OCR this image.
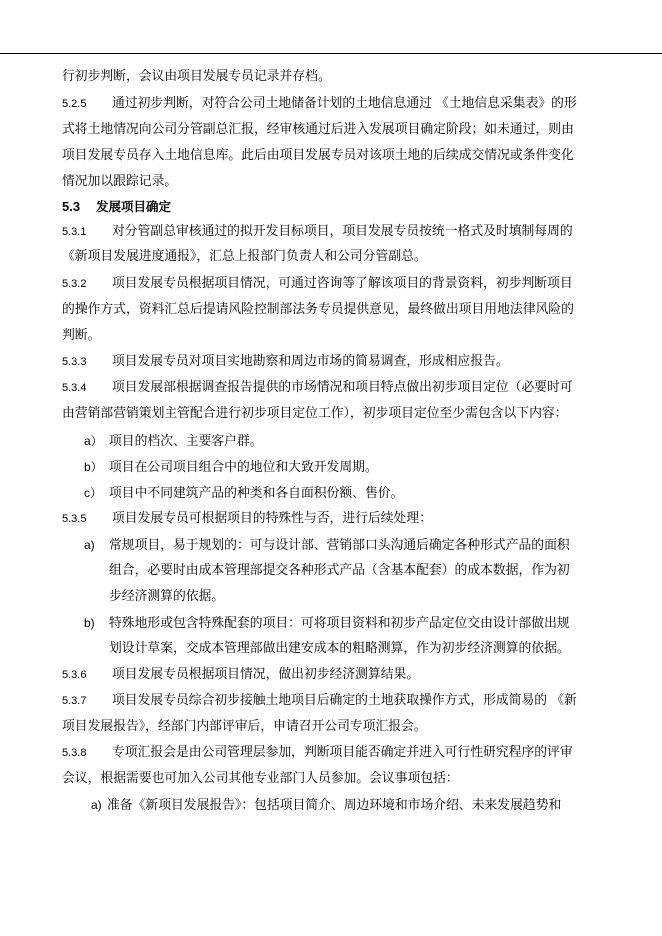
行初步判断，会议由项目发展专员记录并存档。
5.2.5 通过初步判断，对符合公司土地储备计划的土地信息通过 《土地信息采集表》的形
式将土地情况向公司分管副总汇报，经审核通过后进入发展项目确定阶段；如未通过，则由
项目发展专员存入土地信息库。此后由项目发展专员对该项土地的后续成交情况或条件变化
情况加以跟踪记录。
5.3 发展项目确定
5.3.1 对分管副总审核通过的拟开发目标项目，项目发展专员按统一格式及时填制每周的
《新项目发展进度通报》，汇总上报部门负责人和公司分管副总。
5.3.2 项目发展专员根据项目情况，可通过咨询等了解该项目的背景资料，初步判断项目
的操作方式，资料汇总后提请风险控制部法务专员提供意见，最终做出项目用地法律风险的
判断。
5.3.3 项目发展专员对项目实地勘察和周边市场的简易调查，形成相应报告。
5.3.4 项目发展部根据调查报告提供的市场情况和项目特点做出初步项目定位（必要时可
由营销部营销策划主管配合进行初步项目定位工作），初步项目定位至少需包含以下内容：
a） 项目的档次、主要客户群。
b） 项目在公司项目组合中的地位和大致开发周期。
c） 项目中不同建筑产品的种类和各自面积份额、售价。
5.3.5 项目发展专员可根据项目的特殊性与否，进行后续处理：
a) 常规项目，易于规划的：可与设计部、营销部口头沟通后确定各种形式产品的面积
组合，必要时由成本管理部提交各种形式产品（含基本配套）的成本数据，作为初
步经济测算的依据。
b) 特殊地形或包含特殊配套的项目：可将项目资料和初步产品定位交由设计部做出规
划设计草案，交成本管理部做出建安成本的粗略测算，作为初步经济测算的依据。
5.3.6 项目发展专员根据项目情况，做出初步经济测算结果。
5.3.7 项目发展专员综合初步接触土地项目后确定的土地获取操作方式，形成简易的 《新
项目发展报告》，经部门内部评审后，申请召开公司专项汇报会。
5.3.8 专项汇报会是由公司管理层参加，判断项目能否确定并进入可行性研究程序的评审
会议，根据需要也可加入公司其他专业部门人员参加。会议事项包括：
a) 准备《新项目发展报告》：包括项目简介、周边环境和市场介绍、未来发展趋势和
